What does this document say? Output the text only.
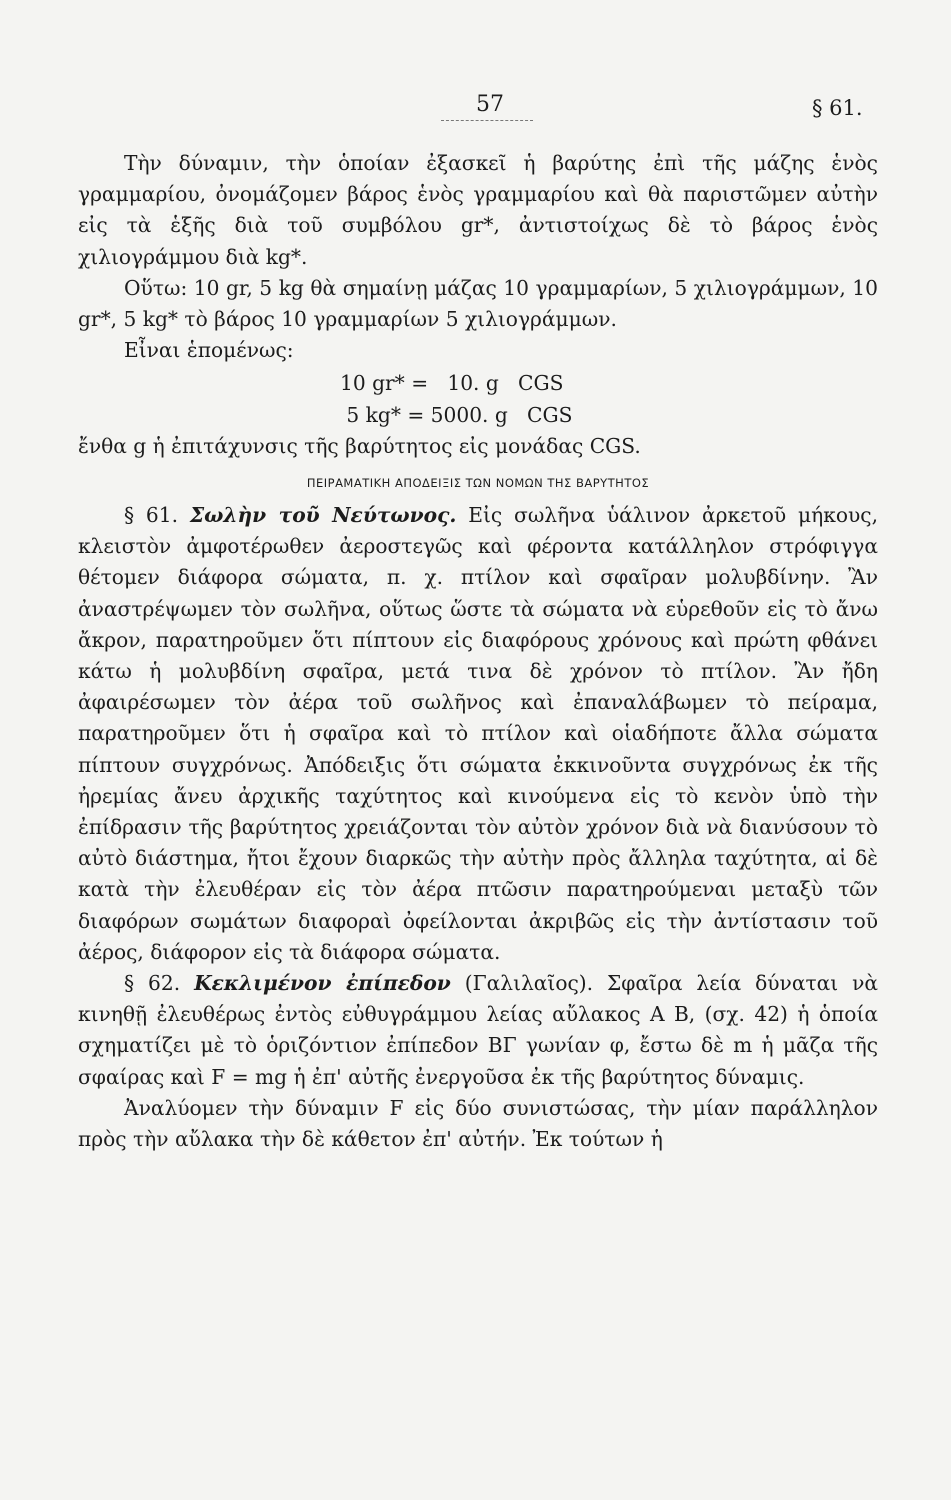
57	§ 61.

Τὴν δύναμιν, τὴν ὁποίαν ἐξασκεῖ ἡ βαρύτης ἐπὶ τῆς μάζης ἑνὸς γραμμαρίου, ὀνομάζομεν βάρος ἑνὸς γραμμαρίου καὶ θὰ παριστῶμεν αὐτὴν εἰς τὰ ἑξῆς διὰ τοῦ συμβόλου gr*, ἀντιστοίχως δὲ τὸ βάρος ἑνὸς χιλιογράμμου διὰ kg*.

Οὕτω: 10 gr, 5 kg θὰ σημαίνῃ μάζας 10 γραμμαρίων, 5 χιλιογράμμων, 10 gr*, 5 kg* τὸ βάρος 10 γραμμαρίων 5 χιλιογράμμων.

Εἶναι ἑπομένως:

10 gr* =   10. g   CGS
5 kg* = 5000. g   CGS

ἔνθα g ἡ ἐπιτάχυνσις τῆς βαρύτητος εἰς μονάδας CGS.

ΠΕΙΡΑΜΑΤΙΚΗ ΑΠΟΔΕΙΞΙΣ ΤΩΝ ΝΟΜΩΝ ΤΗΣ ΒΑΡΥΤΗΤΟΣ

§ 61. Σωλὴν τοῦ Νεύτωνος. Εἰς σωλῆνα ὑάλινον ἀρκετοῦ μήκους, κλειστὸν ἀμφοτέρωθεν ἀεροστεγῶς καὶ φέροντα κατάλληλον στρόφιγγα θέτομεν διάφορα σώματα, π. χ. πτίλον καὶ σφαῖραν μολυβδίνην. Ἂν ἀναστρέψωμεν τὸν σωλῆνα, οὕτως ὥστε τὰ σώματα νὰ εὑρεθοῦν εἰς τὸ ἄνω ἄκρον, παρατηροῦμεν ὅτι πίπτουν εἰς διαφόρους χρόνους καὶ πρώτη φθάνει κάτω ἡ μολυβδίνη σφαῖρα, μετά τινα δὲ χρόνον τὸ πτίλον. Ἂν ἤδη ἀφαιρέσωμεν τὸν ἀέρα τοῦ σωλῆνος καὶ ἐπαναλάβωμεν τὸ πείραμα, παρατηροῦμεν ὅτι ἡ σφαῖρα καὶ τὸ πτίλον καὶ οἱαδήποτε ἄλλα σώματα πίπτουν συγχρόνως. Ἀπόδειξις ὅτι σώματα ἐκκινοῦντα συγχρόνως ἐκ τῆς ἠρεμίας ἄνευ ἀρχικῆς ταχύτητος καὶ κινούμενα εἰς τὸ κενὸν ὑπὸ τὴν ἐπίδρασιν τῆς βαρύτητος χρειάζονται τὸν αὐτὸν χρόνον διὰ νὰ διανύσουν τὸ αὐτὸ διάστημα, ἤτοι ἔχουν διαρκῶς τὴν αὐτὴν πρὸς ἄλληλα ταχύτητα, αἱ δὲ κατὰ τὴν ἐλευθέραν εἰς τὸν ἀέρα πτῶσιν παρατηρούμεναι μεταξὺ τῶν διαφόρων σωμάτων διαφοραὶ ὀφείλονται ἀκριβῶς εἰς τὴν ἀντίστασιν τοῦ ἀέρος, διάφορον εἰς τὰ διάφορα σώματα.

§ 62. Κεκλιμένον ἐπίπεδον (Γαλιλαῖος). Σφαῖρα λεία δύναται νὰ κινηθῇ ἐλευθέρως ἐντὸς εὐθυγράμμου λείας αὔλακος Α Β, (σχ. 42) ἡ ὁποία σχηματίζει μὲ τὸ ὁριζόντιον ἐπίπεδον ΒΓ γωνίαν φ, ἔστω δὲ m ἡ μᾶζα τῆς σφαίρας καὶ F = mg ἡ ἐπ' αὐτῆς ἐνεργοῦσα ἐκ τῆς βαρύτητος δύναμις.

Ἀναλύομεν τὴν δύναμιν F εἰς δύο συνιστώσας, τὴν μίαν παράλληλον πρὸς τὴν αὔλακα τὴν δὲ κάθετον ἐπ' αὐτήν. Ἐκ τούτων ἡ
